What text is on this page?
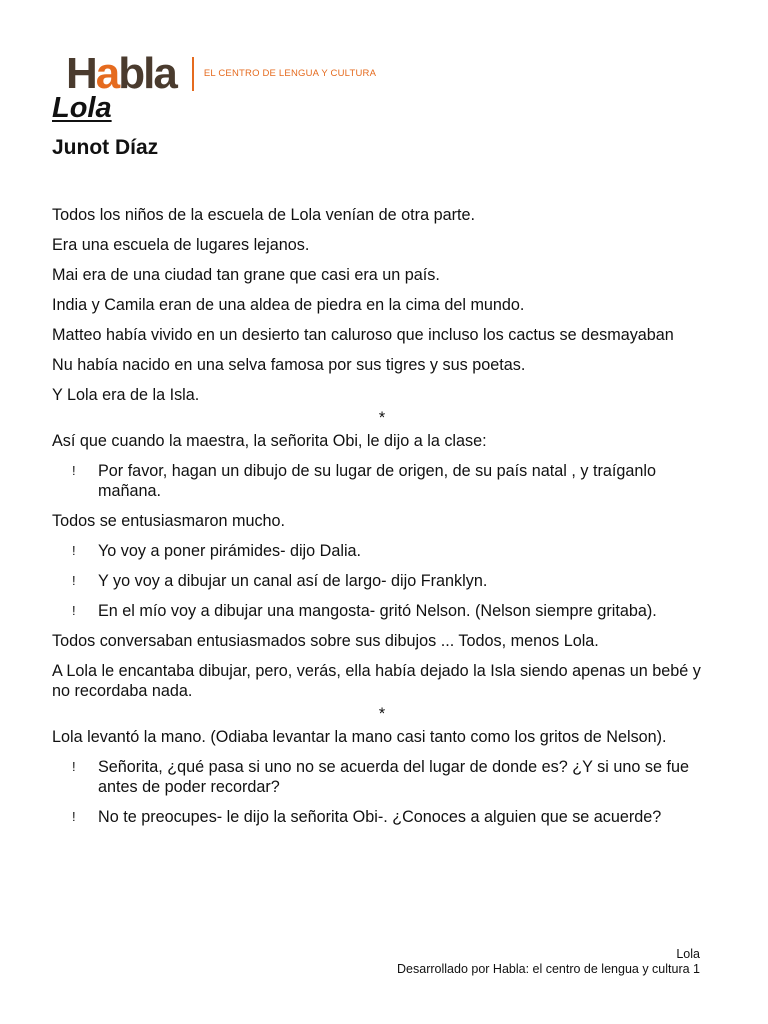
H a bla	EL CENTRO DE LENGUA Y CULTURA
Lola
Junot Díaz

Todos los niños de la escuela de Lola venían de otra parte.

Era una escuela de lugares lejanos.

Mai era de una ciudad tan grane que casi era un país.

India y Camila eran de una aldea de piedra en la cima del mundo.

Matteo había vivido en un desierto tan caluroso que incluso los cactus se desmayaban

Nu había nacido en una selva famosa por sus tigres y sus poetas.

Y Lola era de la Isla.

*

Así que cuando la maestra, la señorita Obi, le dijo a la clase:

!	Por favor, hagan un dibujo de su lugar de origen, de su país natal , y traíganlo mañana.

Todos se entusiasmaron mucho.

!	Yo voy a poner pirámides- dijo Dalia.
!	Y yo voy a dibujar un canal así de largo- dijo Franklyn.
!	En el mío voy a dibujar una mangosta- gritó Nelson. (Nelson siempre gritaba).

Todos conversaban entusiasmados sobre sus dibujos ... Todos, menos Lola.

A Lola le encantaba dibujar, pero, verás, ella había dejado la Isla siendo apenas un bebé y no recordaba nada.

*

Lola levantó la mano. (Odiaba levantar la mano casi tanto como los gritos de Nelson).

!	Señorita, ¿qué pasa si uno no se acuerda del lugar de donde es? ¿Y si uno se fue antes de poder recordar?
!	No te preocupes- le dijo la señorita Obi-. ¿Conoces a alguien que se acuerde?
Lola
Desarrollado por Habla: el centro de lengua y cultura 1
